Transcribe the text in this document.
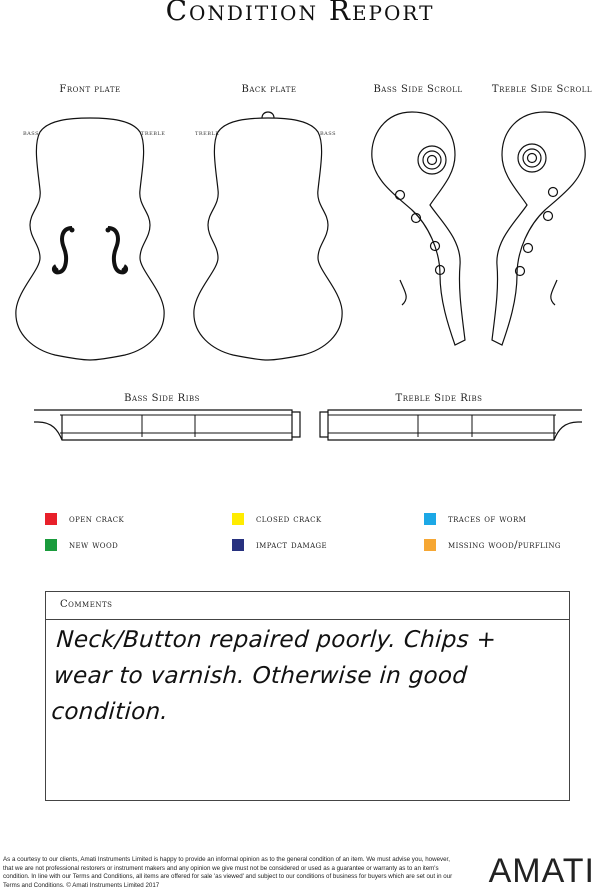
Condition Report
Front plate	Back plate	Bass Side Scroll	Treble Side Scroll
bass	treble	treble	bass
Bass Side Ribs	Treble Side Ribs
open crack	closed crack	traces of worm
new wood	impact damage	missing wood/purfling
Comments
Neck/Button repaired poorly. Chips +
wear to varnish. Otherwise in good condition.
As a courtesy to our clients, Amati Instruments Limited is happy to provide an informal opinion as to the general condition of an item. We must advise you, however, that we are not professional restorers or instrument makers and any opinion we give must not be considered or used as a guarantee or warranty as to an item's condition. In line with our Terms and Conditions, all items are offered for sale 'as viewed' and subject to our conditions of business for buyers which are set out in our Terms and Conditions. © Amati Instruments Limited 2017	AMATI
